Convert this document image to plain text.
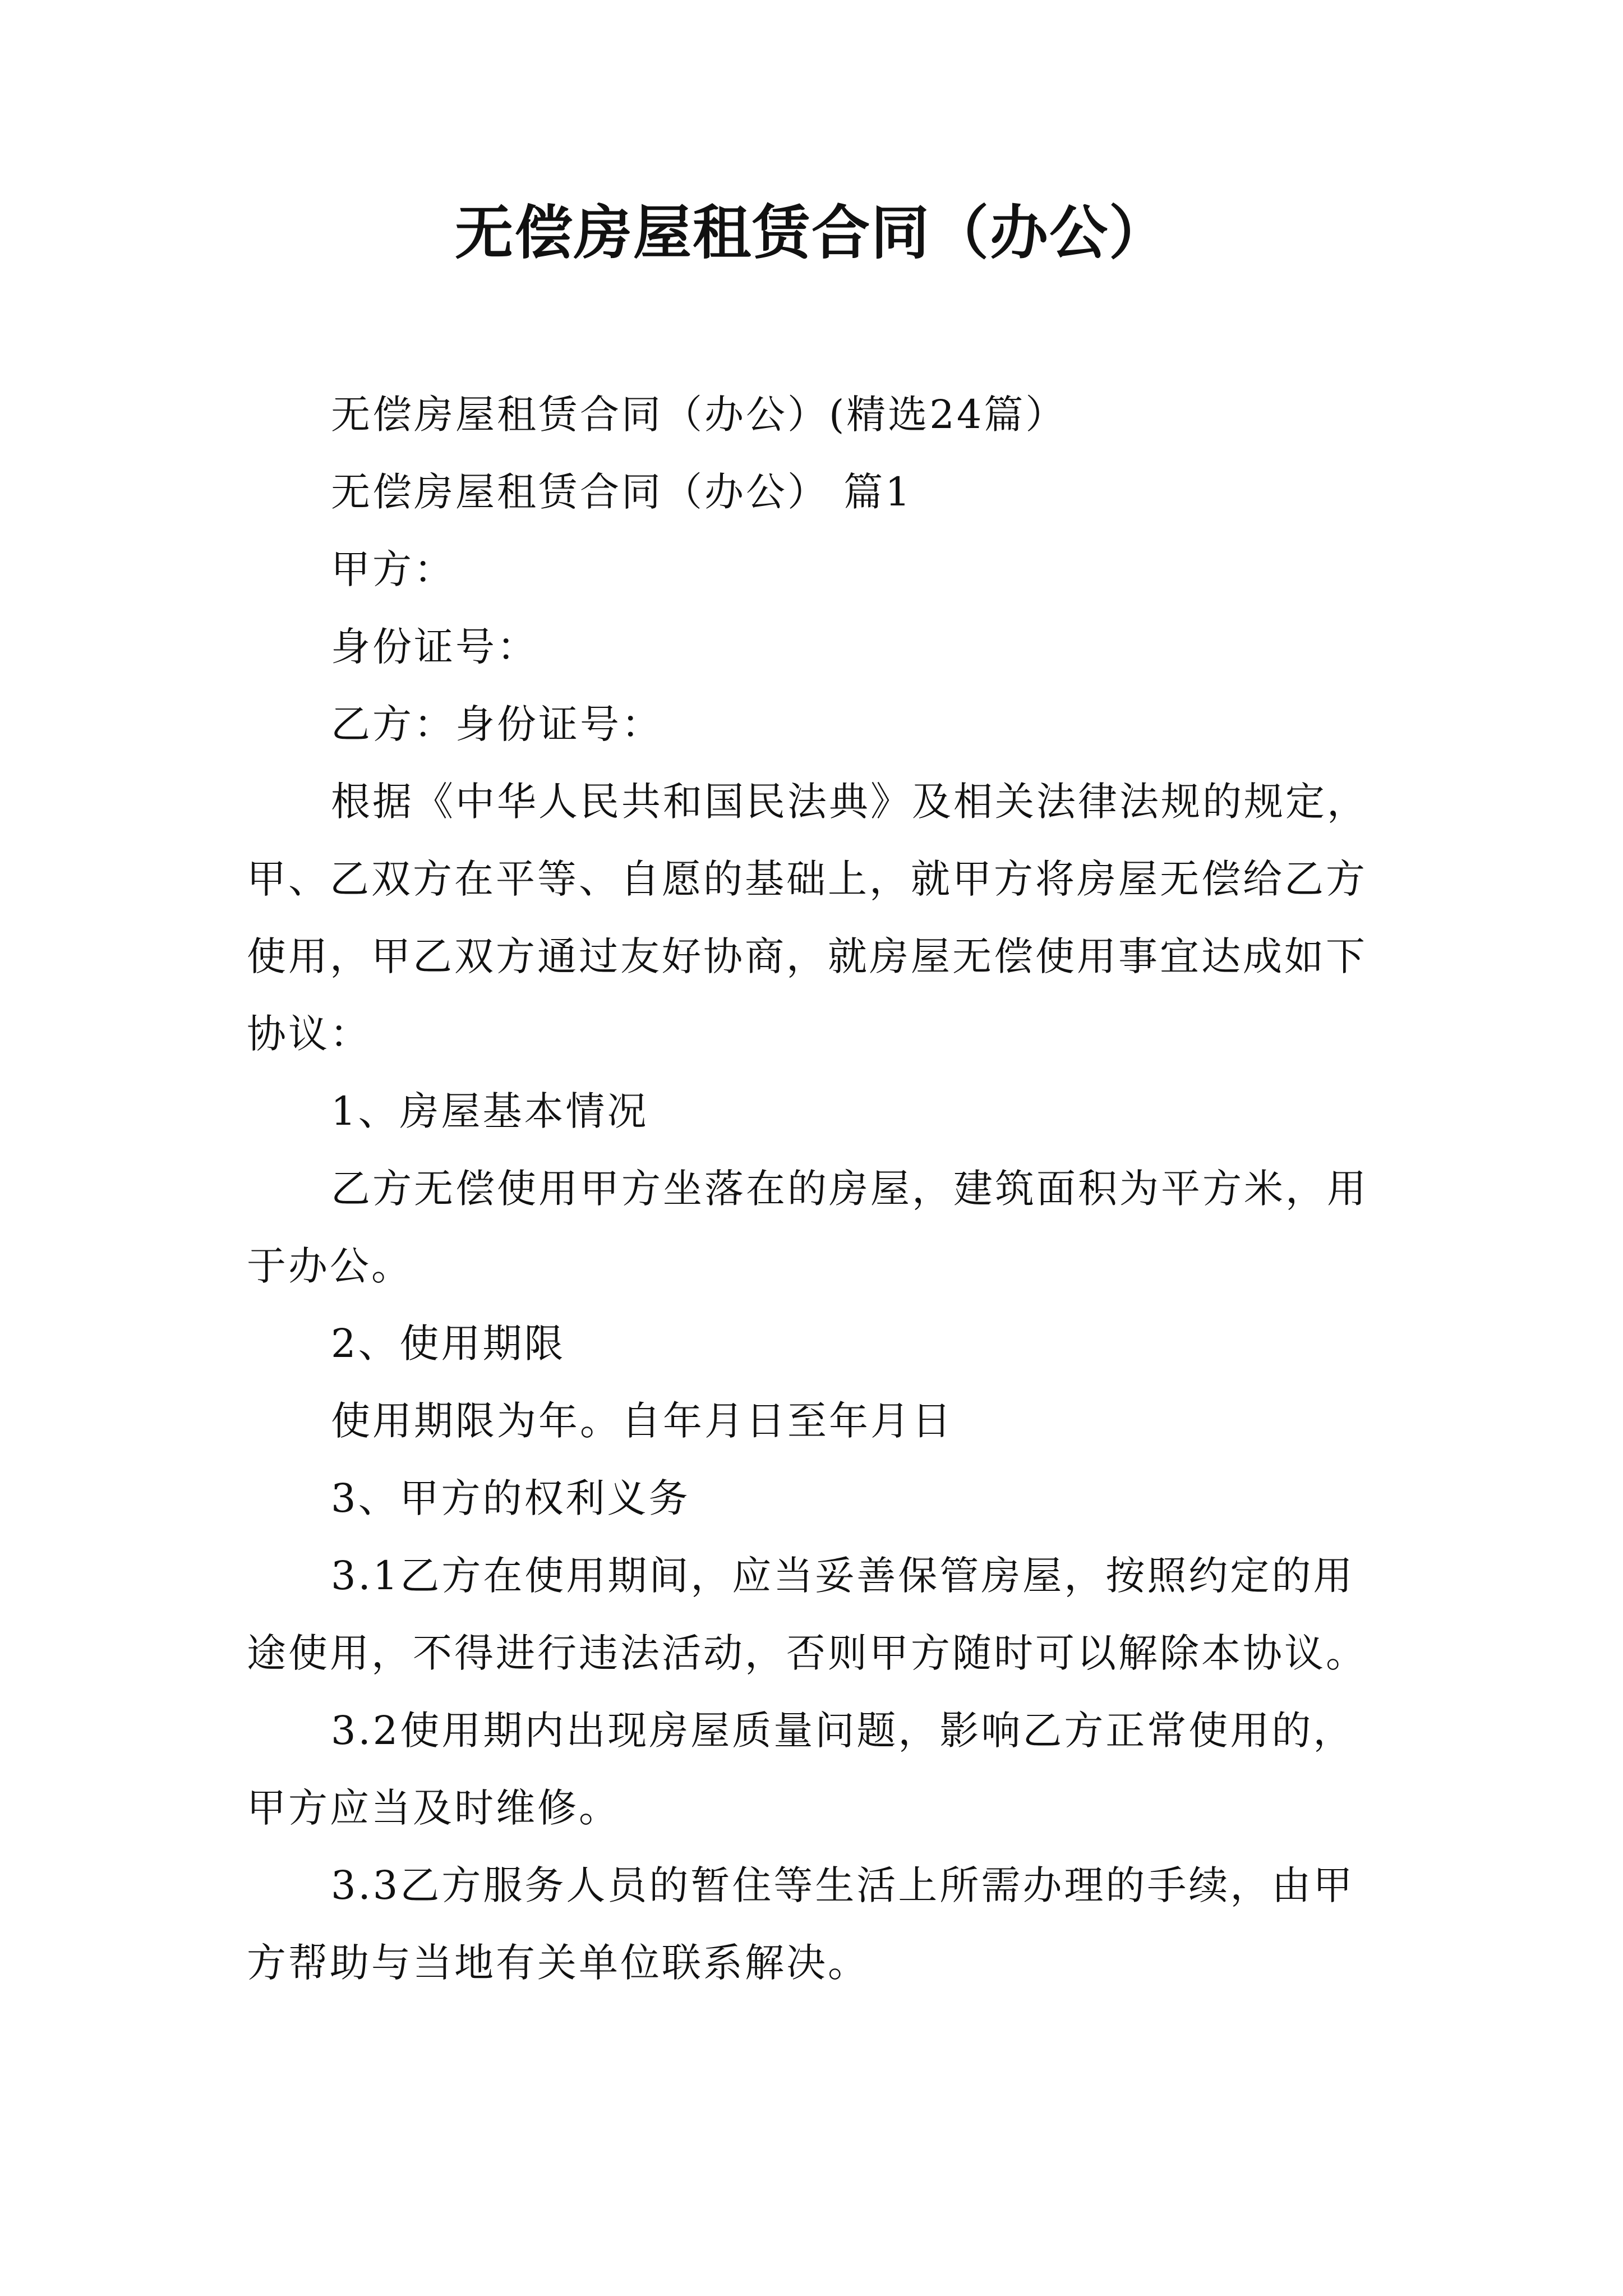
无偿房屋租赁合同（办公）

无偿房屋租赁合同（办公）(精选24篇）

无偿房屋租赁合同（办公） 篇1

甲方：

身份证号：

乙方：身份证号：

根据《中华人民共和国民法典》及相关法律法规的规定，甲、乙双方在平等、自愿的基础上，就甲方将房屋无偿给乙方使用，甲乙双方通过友好协商，就房屋无偿使用事宜达成如下协议：

1、房屋基本情况

乙方无偿使用甲方坐落在的房屋，建筑面积为平方米，用于办公。

2、使用期限

使用期限为年。自年月日至年月日

3、甲方的权利义务

3.1乙方在使用期间，应当妥善保管房屋，按照约定的用途使用，不得进行违法活动，否则甲方随时可以解除本协议。

3.2使用期内出现房屋质量问题，影响乙方正常使用的，甲方应当及时维修。

3.3乙方服务人员的暂住等生活上所需办理的手续，由甲方帮助与当地有关单位联系解决。
